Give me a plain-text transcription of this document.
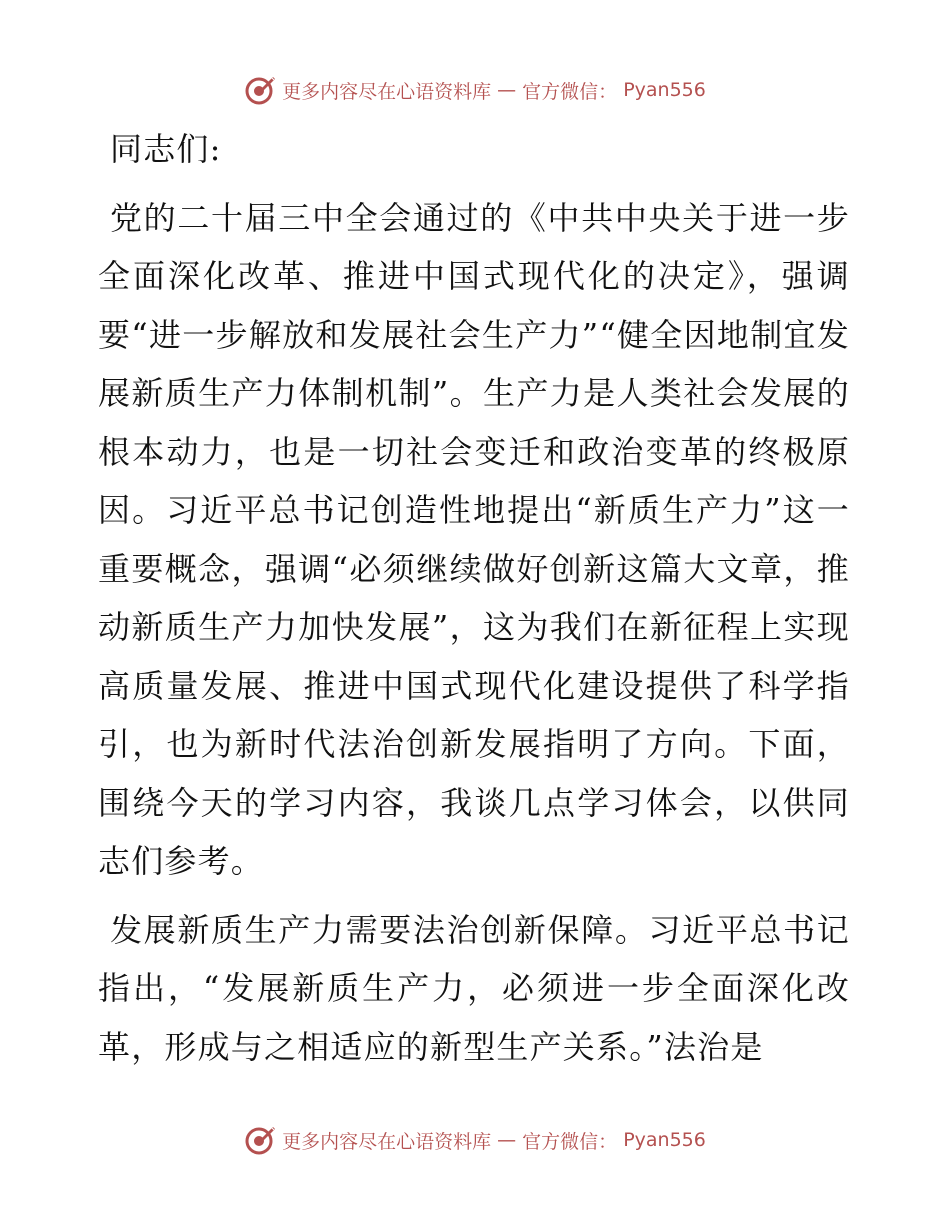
更多内容尽在心语资料库 — 官方微信： Pyan556

同志们:

党的二十届三中全会通过的《中共中央关于进一步全面深化改革、推进中国式现代化的决定》，强调要“进一步解放和发展社会生产力”“健全因地制宜发展新质生产力体制机制”。生产力是人类社会发展的根本动力，也是一切社会变迁和政治变革的终极原因。习近平总书记创造性地提出“新质生产力”这一重要概念，强调“必须继续做好创新这篇大文章，推动新质生产力加快发展”，这为我们在新征程上实现高质量发展、推进中国式现代化建设提供了科学指引，也为新时代法治创新发展指明了方向。下面，围绕今天的学习内容，我谈几点学习体会，以供同志们参考。

发展新质生产力需要法治创新保障。习近平总书记指出，“发展新质生产力，必须进一步全面深化改革，形成与之相适应的新型生产关系。”法治是

更多内容尽在心语资料库 — 官方微信： Pyan556
